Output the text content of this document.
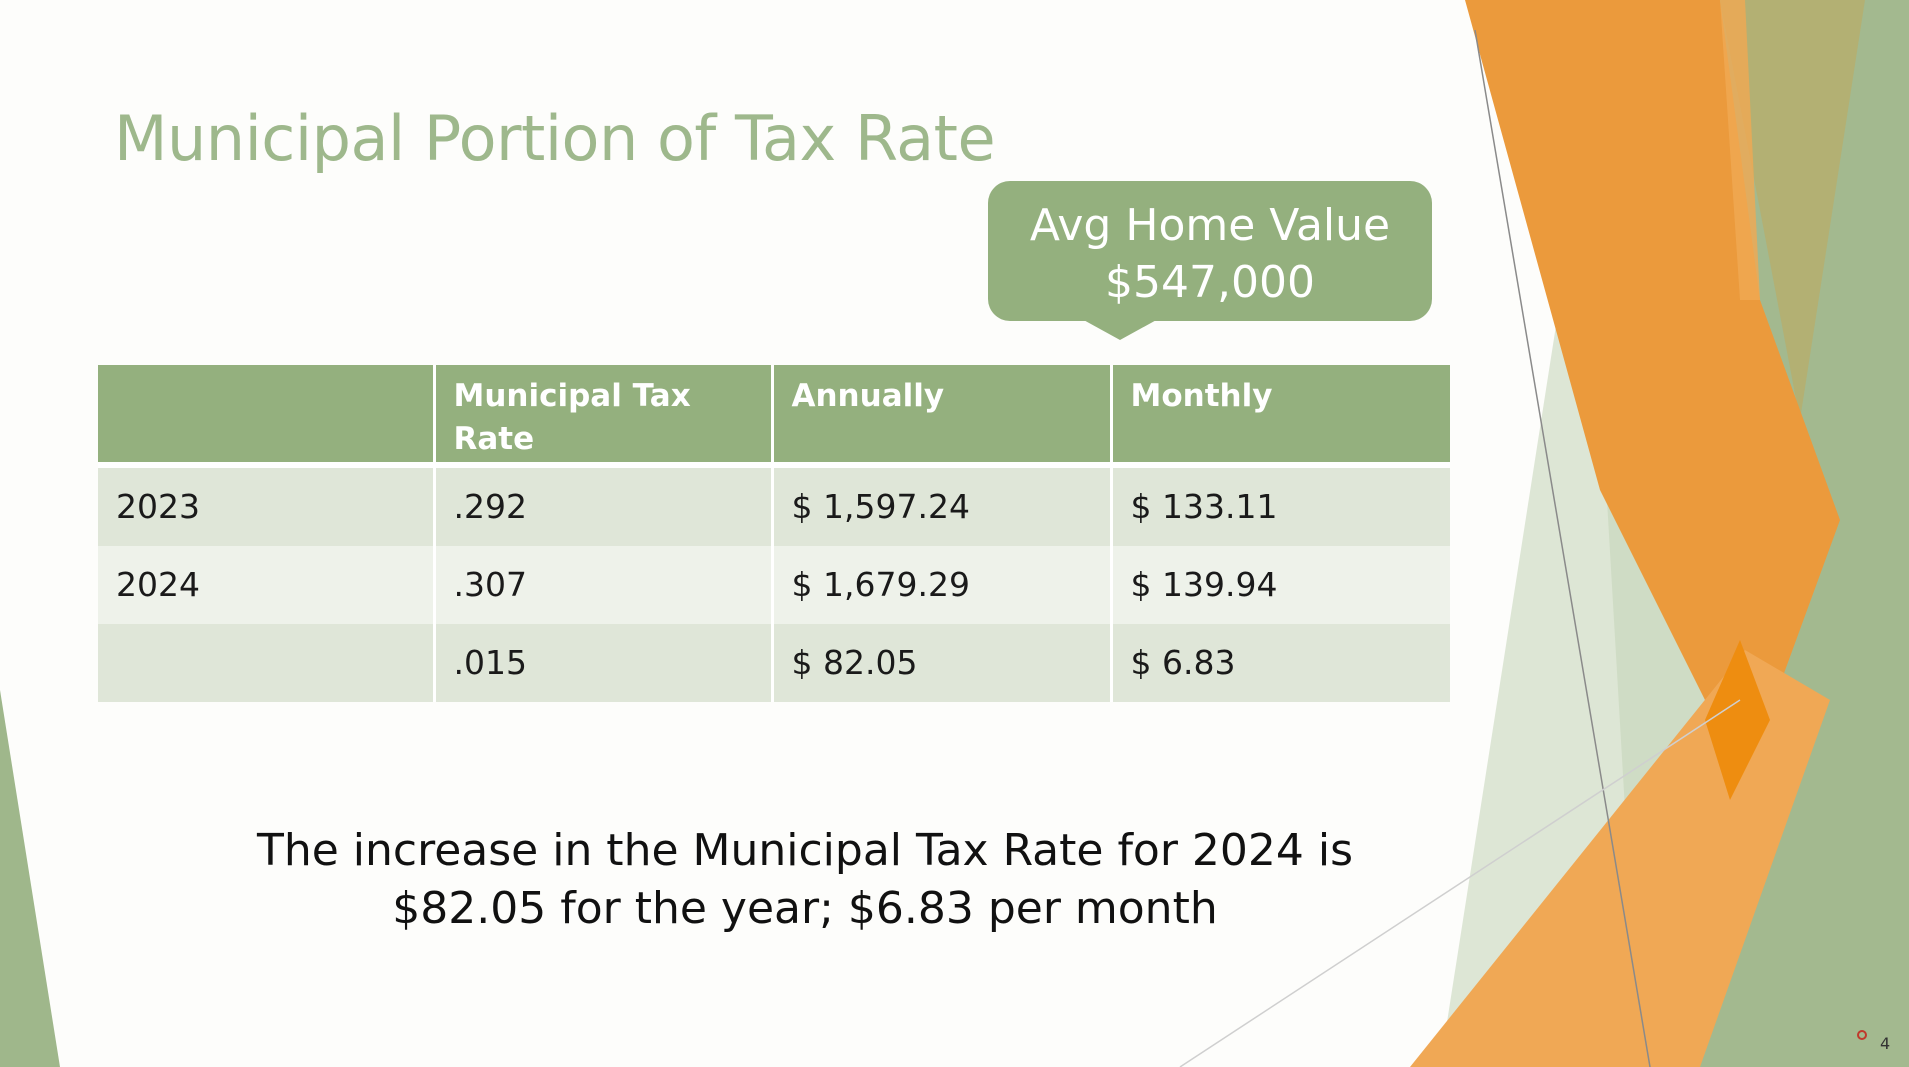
Municipal Portion of Tax Rate
Avg Home Value
$547,000
	Municipal Tax Rate	Annually	Monthly
2023	.292	$ 1,597.24	$ 133.11
2024	.307	$ 1,679.29	$ 139.94
	.015	$ 82.05	$ 6.83
The increase in the Municipal Tax Rate for 2024 is
$82.05 for the year; $6.83 per month
4
